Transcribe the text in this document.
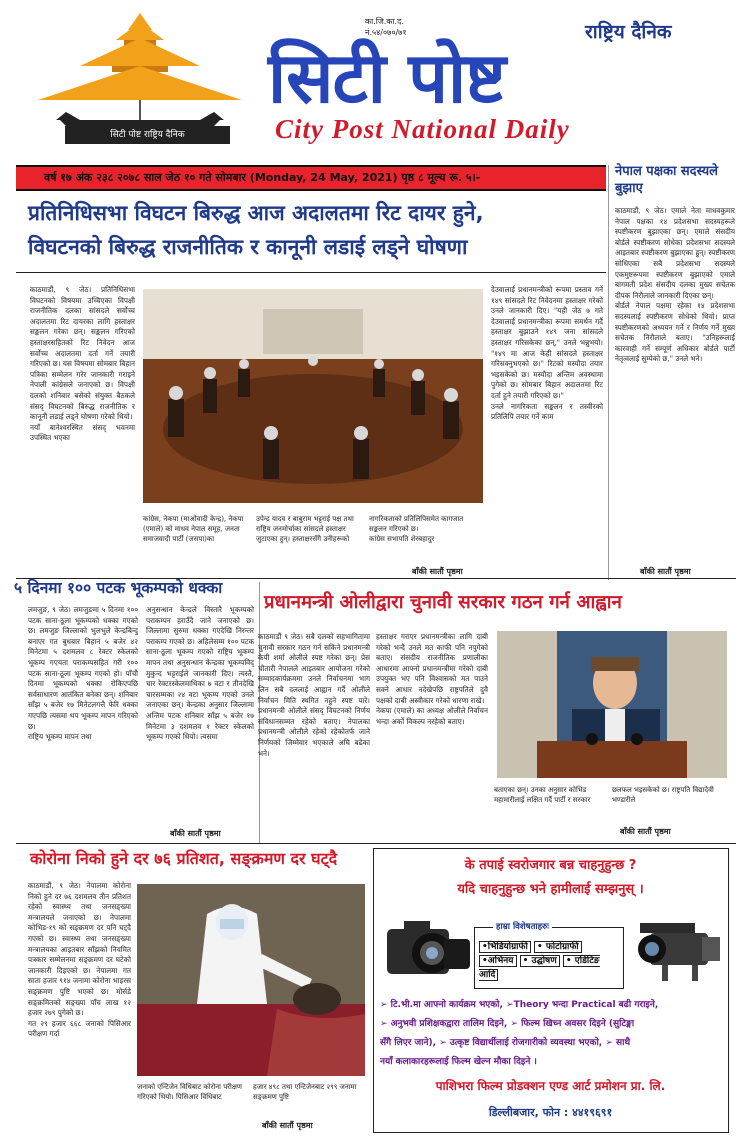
सिटी पोष्ट राष्ट्रिय दैनिक
का.जि.का.द.
नं.५४/०७०/७१	राष्ट्रिय दैनिक
सिटी पोष्ट
City Post National Daily
वर्ष १७ अंक २३८ २०७८ साल जेठ १० गते सोमबार (Monday, 24 May, 2021) पृष्ठ ८ मूल्य रू. ५।-
प्रतिनिधिसभा विघटन बिरुद्ध आज अदालतमा रिट दायर हुने,
विघटनको बिरुद्ध राजनीतिक र कानूनी लडाई लड्ने घोषणा
काठमाडौं, ९ जेठ। प्रतिनिधिसभा विघटनको विषयमा उच्चिएका विपक्षी राजनीतिक दलका सांसदले सर्वोच्च अदालतमा रिट दायरका लागि हस्ताक्षर सङ्कलन गरेका छन्। सङ्कलन गरिएको हस्ताक्षरसहितको रिट निवेदन आज सर्वोच्च अदालतमा दर्ता गर्ने तयारी गरिएको छ। यस विषयमा सोमबार बिहान पत्रिका सम्मेलन गरेर जानकारी गराइने नेपाली कांग्रेसले जनाएको छ। विपक्षी दलको शनिबार बसेको संयुक्त बैठकले संसद् विघटनको बिरुद्ध राजनीतिक र कानूनी लडाई लड्ने घोषणा गरेको थियो।
नयाँ बानेश्वरस्थित संसद् भवनमा उपस्थित भएका
कांग्रेस, नेकपा (माओवादी केन्द्र), नेकपा (एमाले) को माधव नेपाल समूह, जनता समाजवादी पार्टी (जसपा)का
उपेन्द्र यादव र बाबुराम भट्टराई पक्ष तथा राष्ट्रिय जनमोर्चाका सांसदले हस्ताक्षर जुटाएका हुन्। हस्ताक्षरसँगै उनीहरूको
नागरिकताको प्रतिलिपिसमेत कागजात सङ्कलन गरिएको छ।
कांग्रेस सभापति शेरबहादुर
बाँकी सातौं पृष्ठमा
देउवालाई प्रधानमन्त्रीको रूपमा प्रस्ताव गर्ने १४९ सांसदले रिट निवेदनमा हस्ताक्षर गरेको उनले जानकारी दिए। "यही जेठ ७ गते देउवालाई प्रधानमन्त्रीका रूपमा समर्थन गर्दै हस्ताक्षर बुझाउने १४९ जना सांसदले हस्ताक्षर गरिसकेका छन्," उनले भन्नुभयो। "१४९ मा आज केही सांसदले हस्ताक्षर गरिसक्नुभएको छ।" रिटको मस्यौदा तयार भइसकेको छ। मस्यौदा अन्तिम अवस्थामा पुगेको छ। सोमबार बिहान अदालतमा रिट दर्ता हुने तयारी गरिएको छ।"
उनले नागरिकता सङ्कलन र तस्वीरको प्रतिलिपि तयार गर्ने काम
नेपाल पक्षका सदस्यले बुझाए
काठमाडौं, ९ जेठ। एमाले नेता माधवकुमार नेपाल पक्षका १४ प्रदेशसभा सदस्यहरूले स्पष्टीकरण बुझाएका छन्। एमाले संसदीय बोर्डले स्पष्टीकरण सोधेका प्रदेशसभा सदस्यले आइतबार स्पष्टीकरण बुझाएका हुन्। स्पष्टीकरण सोधिएका सबै प्रदेशसभा सदस्यले एकमुष्टरूपमा स्पष्टीकरण बुझाएको एमाले बागमती प्रदेश संसदीय दलका मुख्य सचेतक दीपक निरौलाले जानकारी दिएका छन्।
बोर्डले नेपाल पक्षमा रहेका १४ प्रदेशसभा सदस्यलाई स्पष्टीकरण सोधेको थियो। प्राप्त स्पष्टीकरणको अध्ययन गर्ने र निर्णय गर्ने मुख्य सचेतक निरौलाले बताए। "उनिहरूलाई कारवाही गर्ने सम्पूर्ण अधिकार बोर्डले पार्टी नेतृत्वलाई सुम्पेको छ," उनले भने।
बाँकी सातौं पृष्ठमा
५ दिनमा १०० पटक भूकम्पको धक्का
लमजुङ, ९ जेठ। लमजुङमा ५ दिनमा १०० पटक साना-ठूला भूकम्पको धक्का गएको छ। लमजुङ जिल्लाको भुलभुले केन्द्रबिन्दु बनाएर गत बुधबार बिहान ५ बजेर ४२ मिनेटमा ५ दशमलव ८ रेक्टर स्केलको भूकम्प गएयता पराकम्पसहित गरी १०० पटक साना-ठूला भूकम्प गएको हो। पाँचौ दिनमा भूकम्पको धक्का रोकिएपछि सर्वसाधारण आतंकित बनेका छन्। शनिबार साँझ ५ बजेर १७ मिनेटलगत्तै फेरि धक्का गएपछि त्यसमा थप भूकम्प मापन गरिएको छ।
राष्ट्रिय भूकम्प मापन तथा
अनुसन्धान केन्द्रले विस्तारै भूकम्पको पराकम्पन हराउँदै जाने जनाएको छ। जिल्लामा सुरुमा धक्का गएदेखि निरन्तर पराकम्प गएको छ। अहिलेसम्म १०० पटक साना-ठूला भूकम्प गएको राष्ट्रिय भूकम्प मापन तथा अनुसन्धान केन्द्रका भूकम्पविद् मुकुन्द भट्टराईले जानकारी दिए। त्यस्तै, चार रेक्टरस्केलमाथिका ७ वटा र तीनदेखि चारसम्मका २४ वटा भूकम्प गएको उनले जनाएका छन्। केन्द्रका अनुसार जिल्लामा अन्तिम पटक शनिबार साँझ ५ बजेर १७ मिनेटमा ३ दशमलव १ रेक्टर स्केलको भूकम्प गएको थियो। त्यसमा
बाँकी सातौं पृष्ठमा
प्रधानमन्त्री ओलीद्वारा चुनावी सरकार गठन गर्न आह्वान
काठमाडौं ९ जेठ। सबै दलको सहभागितामा चुनावी सरकार गठन गर्न सकिने प्रधानमन्त्री केपी शर्मा ओलीले स्पष्ट गरेका छन्। प्रेस चौतारी नेपालले आइतबार आयोजना गरेको सम्वादकार्यक्रममा उनले निर्वाचनमा भाग लिन सबै दललाई आह्वान गर्दै ओलीले निर्वाचन मिति स्थगित नहुने स्पष्ट पारे। प्रधानमन्त्री ओलीले संसद् विघटनको निर्णय संविधानसम्मत रहेको बताए। नेपालका प्रधानमन्त्री ओलीले रहेको रहेकोतर्फ जाने निर्णयको जिम्मेवार भएकाले अघि बढेका भने।
हस्ताक्षर गराएर प्रधानमन्त्रीका लागि दाबी गरेको भन्दै उनले मत काफी पनि नपुगेको बताए। संसदीय राजनीतिक प्रणालीका आधारमा आफ्नो प्रधानमन्त्रीमा गरेको दाबी उपयुक्त भए पनि विश्वासको मत पाउने सक्ने आधार नदेखेपछि राष्ट्रपतिले दुवै पक्षको दाबी अस्वीकार गरेको धारणा राखे।
नेकपा (एमाले) का अध्यक्ष ओलीले निर्वाचन भन्दा अर्को विकल्प नरहेको बताए।
बताएका छन्। उनका अनुसार कोभिड महामारीलाई लक्षित गर्दै पार्टी र सरकार
छलफल भइसकेको छ। राष्ट्रपति विद्यादेवी भण्डारीले
बाँकी सातौं पृष्ठमा
कोरोना निको हुने दर ७६ प्रतिशत, सङ्क्रमण दर घट्दै
काठमाडौं, ९ जेठ। नेपालमा कोरोना निको हुने दर ७६ दशमलव तीन प्रतिशत रहेको स्वास्थ्य तथा जनसङ्ख्या मन्त्रालयले जनाएको छ। नेपालमा कोभिड-१९ को सङ्क्रमण दर पनि घट्दै गएको छ। स्वास्थ्य तथा जनसङ्ख्या मन्त्रालयका आइतबार साँझको नियमित पत्रकार सम्मेलनमा सङ्क्रमण दर घटेको जानकारी दिइएको छ। नेपालमा गत साता हजार ९१४ जनामा कोरोना भाइरस सङ्क्रमण पुष्टि भएको छ। मोर्सडे सङ्क्रमितको सङ्ख्या पाँच लाख १२ हजार २७९ पुगेको छ।
गत २९ हजार ६६८ जनाको पिसिआर परीक्षण गर्दा
जनाको एन्टिजेन विधिबाट कोरोना परीक्षण गरिएको थियो। पिसिआर विधिबाट
हजार ४९८ तथा एन्टिजेनबाट २९९ जनामा सङ्क्रमण पुष्टि
बाँकी सातौं पृष्ठमा
के तपाई स्वरोजगार बन्न चाहनुहुन्छ ?
यदि चाहनुहुन्छ भने हामीलाई सम्झनुस् ।
हाम्रा विशेषताहरुः
•भिडियोग्राफी • फोटोग्राफी
•अभिनय • उद्घोषण • एडिटिङ आदि
➢ टि.भी.मा आफ्नो कार्यक्रम भएको, ➢Theory भन्दा Practical बढी गराइने,
➢ अनुभवी प्रशिक्षकद्वारा तालिम दिइने, ➢ फिल्म खिच्न अवसर दिइने (सुटिङ्मा
सँगै लिएर जाने), ➢ उत्कृष्ट विद्यार्थीलाई रोजगारीको व्यवस्था भएको, ➢ साथै
नयाँ कलाकारहरूलाई फिल्म खेल्न मौका दिइने ।
पाशिभरा फिल्म प्रोडक्शन एण्ड आर्ट प्रमोशन प्रा. लि.
डिल्लीबजार, फोन : ४४१९६९१
